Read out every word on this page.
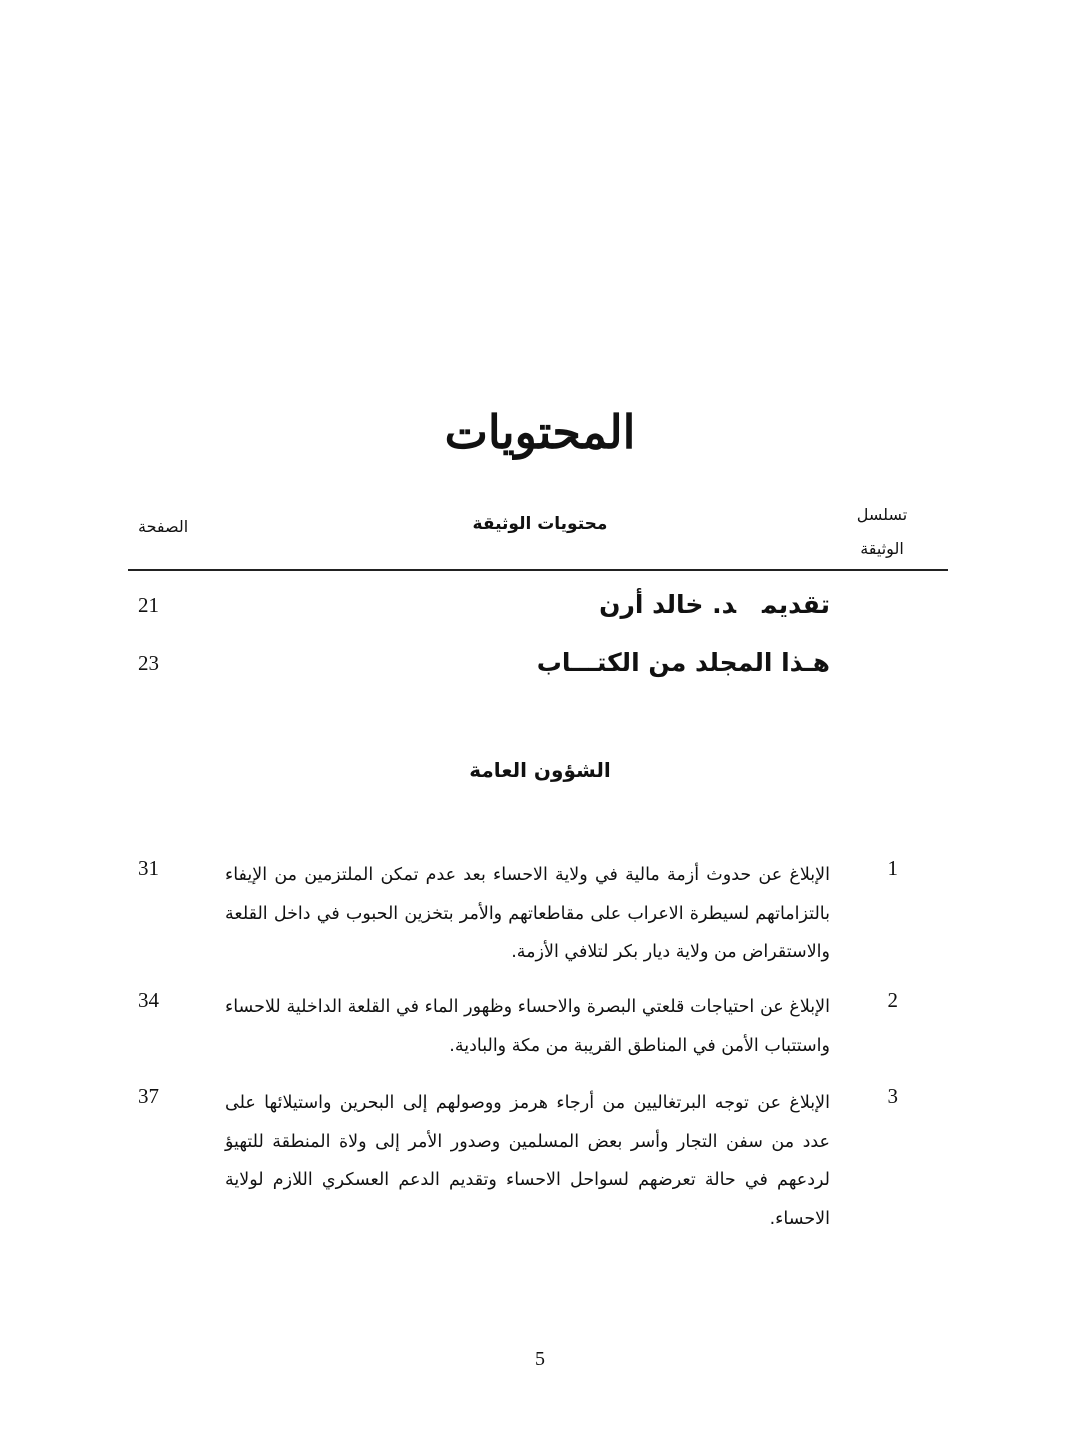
المحتويات
تسلسل
الوثيقة
محتويات الوثيقة
الصفحة
تقديمد. خالد أرن
21
هـذا المجلد من الكتـــاب
23
الشؤون العامة
1
الإبلاغ عن حدوث أزمة مالية في ولاية الاحساء بعد عدم تمكن الملتزمين من الإيفاء بالتزاماتهم لسيطرة الاعراب على مقاطعاتهم والأمر بتخزين الحبوب في داخل القلعة والاستقراض من ولاية ديار بكر لتلافي الأزمة.
31
2
الإبلاغ عن احتياجات قلعتي البصرة والاحساء وظهور الماء في القلعة الداخلية للاحساء واستتباب الأمن في المناطق القريبة من مكة والبادية.
34
3
الإبلاغ عن توجه البرتغاليين من أرجاء هرمز ووصولهم إلى البحرين واستيلائها على عدد من سفن التجار وأسر بعض المسلمين وصدور الأمر إلى ولاة المنطقة للتهيؤ لردعهم في حالة تعرضهم لسواحل الاحساء وتقديم الدعم العسكري اللازم لولاية الاحساء.
37
5
